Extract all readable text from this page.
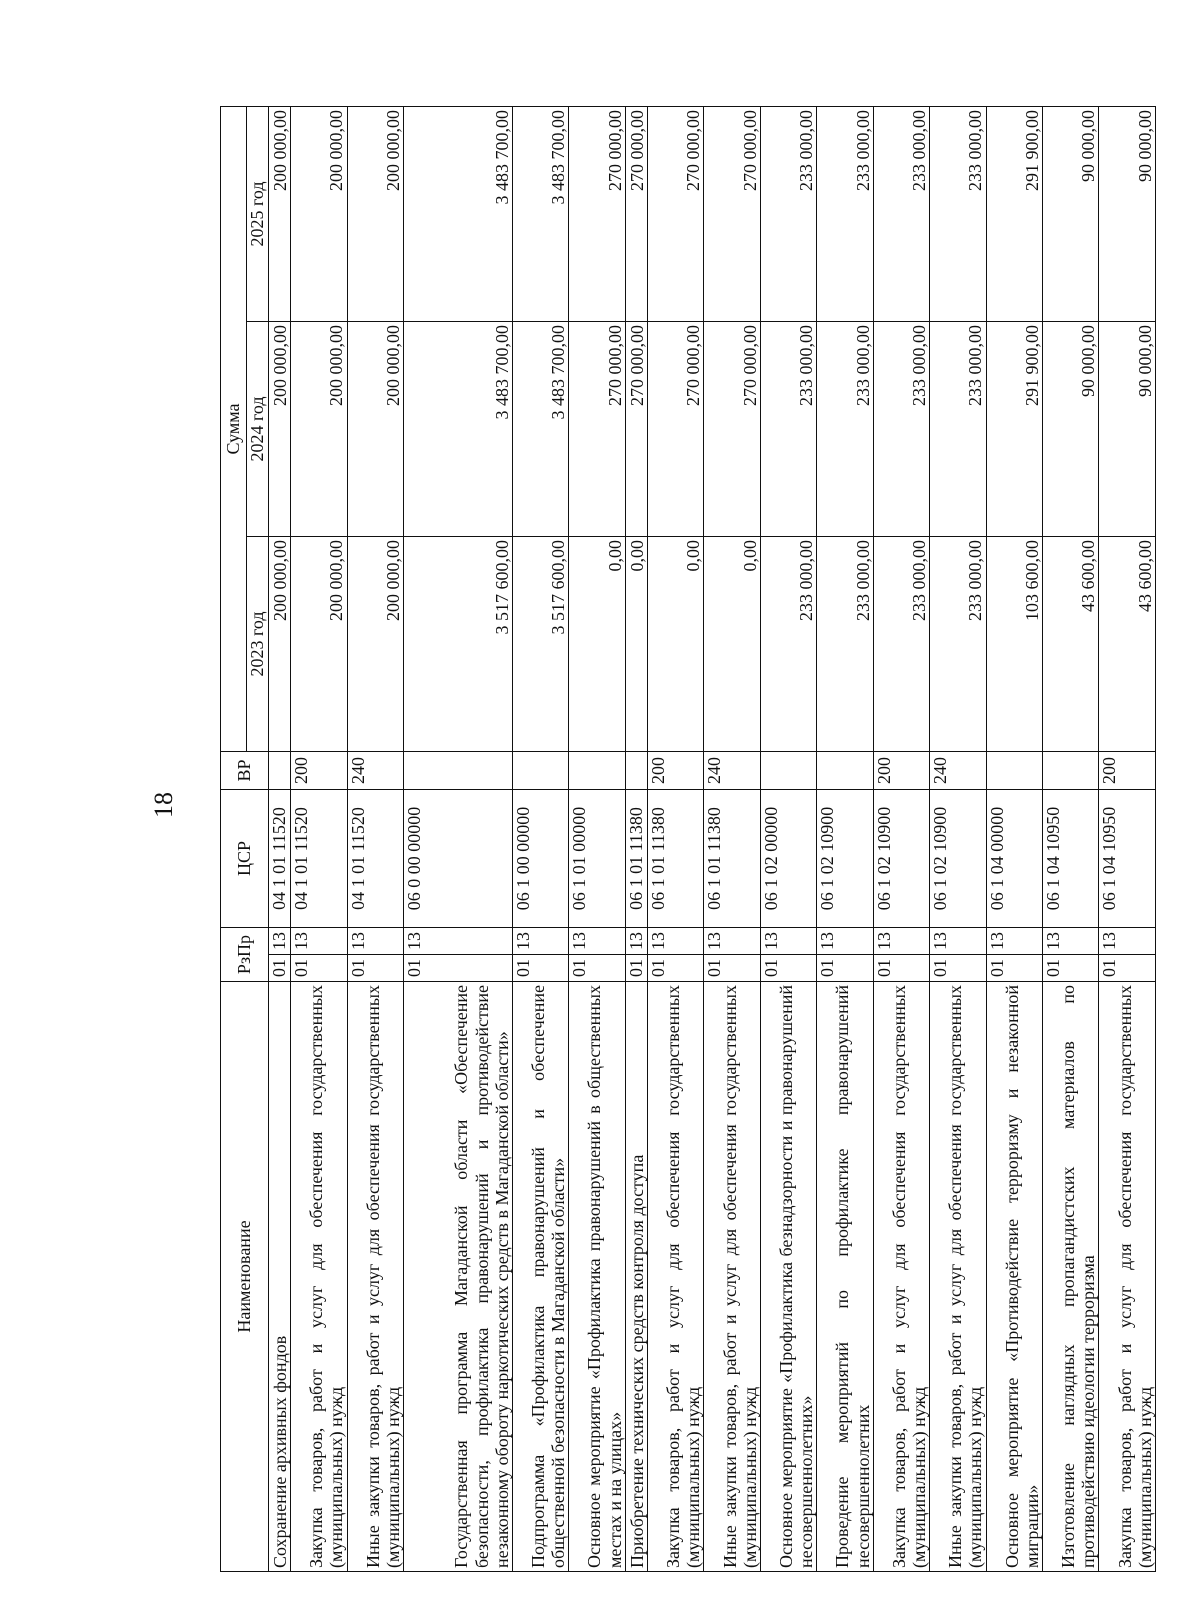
18
Наименование	РзПр		ЦСР	ВР	Сумма		
					2023 год	2024 год	2025 год
Сохранение архивных фондов	01	13	04 1 01 11520		200 000,00	200 000,00	200 000,00
Закупка товаров, работ и услуг для обеспечения государственных (муниципальных) нужд	01	13	04 1 01 11520	200	200 000,00	200 000,00	200 000,00
Иные закупки товаров, работ и услуг для обеспечения государственных (муниципальных) нужд	01	13	04 1 01 11520	240	200 000,00	200 000,00	200 000,00
Государственная программа Магаданской области «Обеспечение безопасности, профилактика правонарушений и противодействие незаконному обороту наркотических средств в Магаданской области»	01	13	06 0 00 00000		3 517 600,00	3 483 700,00	3 483 700,00
Подпрограмма «Профилактика правонарушений и обеспечение общественной безопасности в Магаданской области»	01	13	06 1 00 00000		3 517 600,00	3 483 700,00	3 483 700,00
Основное мероприятие «Профилактика правонарушений в общественных местах и на улицах»	01	13	06 1 01 00000		0,00	270 000,00	270 000,00
Приобретение технических средств контроля доступа	01	13	06 1 01 11380		0,00	270 000,00	270 000,00
Закупка товаров, работ и услуг для обеспечения государственных (муниципальных) нужд	01	13	06 1 01 11380	200	0,00	270 000,00	270 000,00
Иные закупки товаров, работ и услуг для обеспечения государственных (муниципальных) нужд	01	13	06 1 01 11380	240	0,00	270 000,00	270 000,00
Основное мероприятие «Профилактика безнадзорности и правонарушений несовершеннолетних»	01	13	06 1 02 00000		233 000,00	233 000,00	233 000,00
Проведение мероприятий по профилактике правонарушений несовершеннолетних	01	13	06 1 02 10900		233 000,00	233 000,00	233 000,00
Закупка товаров, работ и услуг для обеспечения государственных (муниципальных) нужд	01	13	06 1 02 10900	200	233 000,00	233 000,00	233 000,00
Иные закупки товаров, работ и услуг для обеспечения государственных (муниципальных) нужд	01	13	06 1 02 10900	240	233 000,00	233 000,00	233 000,00
Основное мероприятие «Противодействие терроризму и незаконной миграции»	01	13	06 1 04 00000		103 600,00	291 900,00	291 900,00
Изготовление наглядных пропагандистских материалов по противодействию идеологии терроризма	01	13	06 1 04 10950		43 600,00	90 000,00	90 000,00
Закупка товаров, работ и услуг для обеспечения государственных (муниципальных) нужд	01	13	06 1 04 10950	200	43 600,00	90 000,00	90 000,00
